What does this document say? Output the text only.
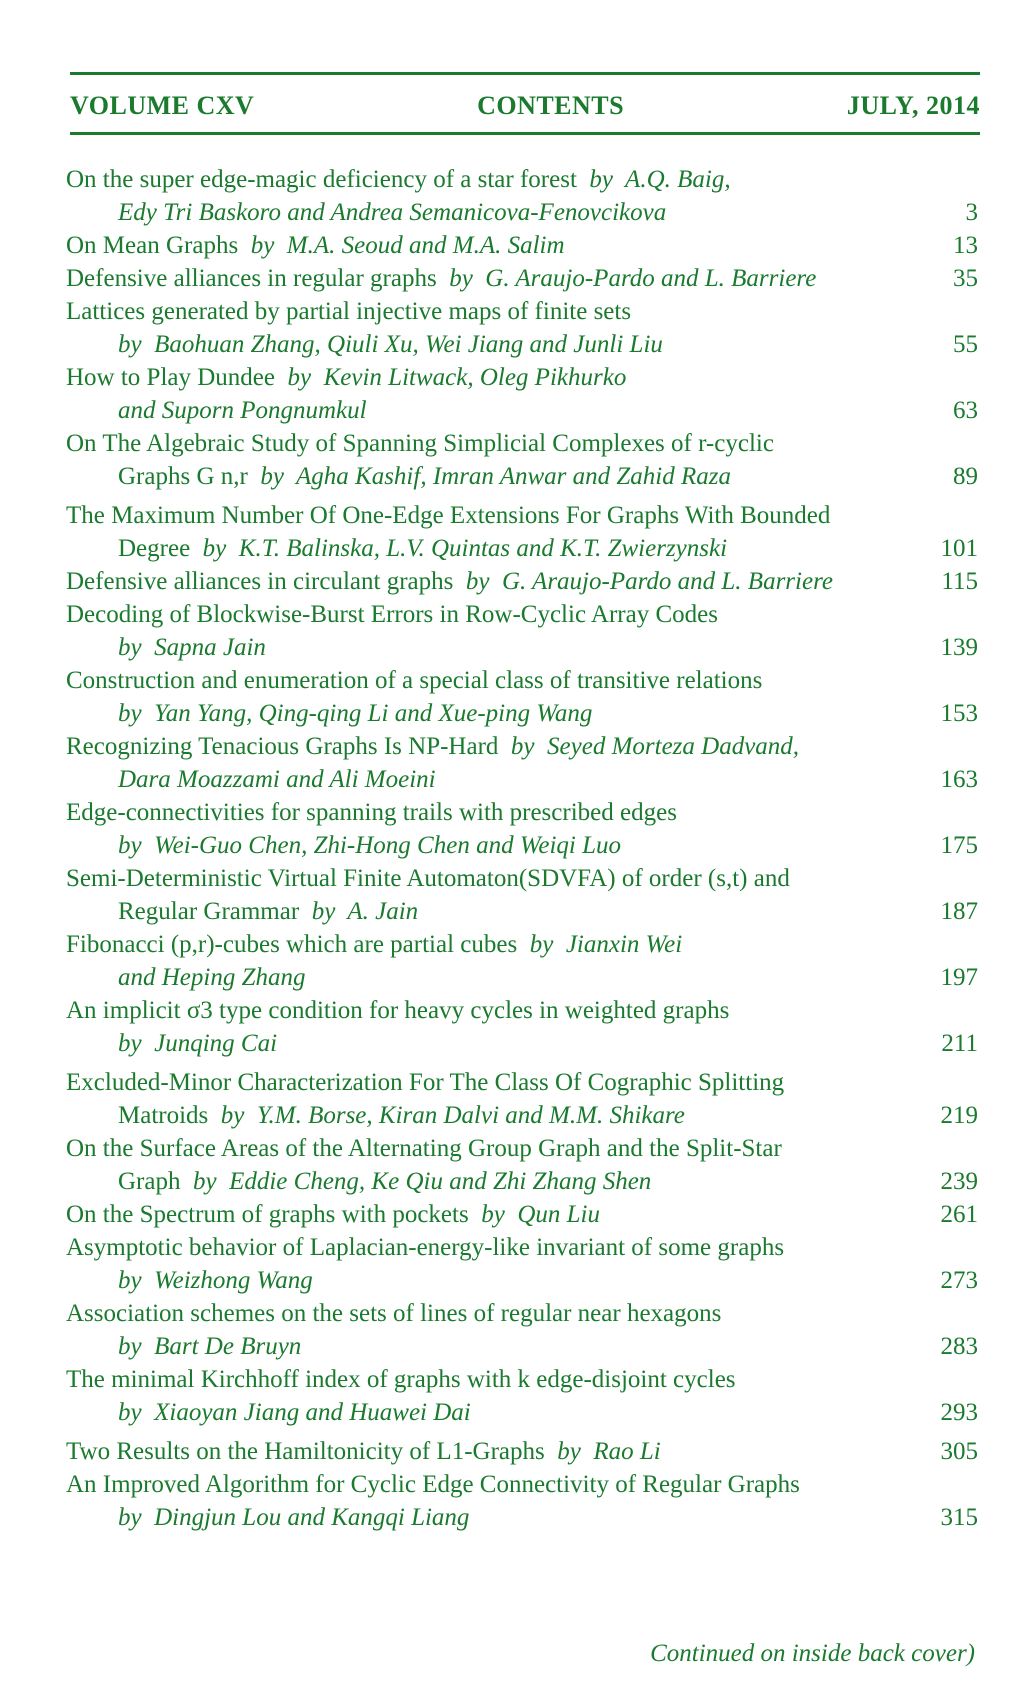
VOLUME CXV	CONTENTS	JULY, 2014
On the super edge-magic deficiency of a star forest  by  A.Q. Baig,
Edy Tri Baskoro and Andrea Semanicova-Fenovcikova	3
On Mean Graphs  by  M.A. Seoud and M.A. Salim	13
Defensive alliances in regular graphs  by  G. Araujo-Pardo and L. Barriere	35
Lattices generated by partial injective maps of finite sets
by  Baohuan Zhang, Qiuli Xu, Wei Jiang and Junli Liu	55
How to Play Dundee  by  Kevin Litwack, Oleg Pikhurko
and Suporn Pongnumkul	63
On The Algebraic Study of Spanning Simplicial Complexes of r-cyclic
Graphs G n,r  by  Agha Kashif, Imran Anwar and Zahid Raza	89
The Maximum Number Of One-Edge Extensions For Graphs With Bounded
Degree  by  K.T. Balinska, L.V. Quintas and K.T. Zwierzynski	101
Defensive alliances in circulant graphs  by  G. Araujo-Pardo and L. Barriere	115
Decoding of Blockwise-Burst Errors in Row-Cyclic Array Codes
by  Sapna Jain	139
Construction and enumeration of a special class of transitive relations
by  Yan Yang, Qing-qing Li and Xue-ping Wang	153
Recognizing Tenacious Graphs Is NP-Hard  by  Seyed Morteza Dadvand,
Dara Moazzami and Ali Moeini	163
Edge-connectivities for spanning trails with prescribed edges
by  Wei-Guo Chen, Zhi-Hong Chen and Weiqi Luo	175
Semi-Deterministic Virtual Finite Automaton(SDVFA) of order (s,t) and
Regular Grammar  by  A. Jain	187
Fibonacci (p,r)-cubes which are partial cubes  by  Jianxin Wei
and Heping Zhang	197
An implicit σ3 type condition for heavy cycles in weighted graphs
by  Junqing Cai	211
Excluded-Minor Characterization For The Class Of Cographic Splitting
Matroids  by  Y.M. Borse, Kiran Dalvi and M.M. Shikare	219
On the Surface Areas of the Alternating Group Graph and the Split-Star
Graph  by  Eddie Cheng, Ke Qiu and Zhi Zhang Shen	239
On the Spectrum of graphs with pockets  by  Qun Liu	261
Asymptotic behavior of Laplacian-energy-like invariant of some graphs
by  Weizhong Wang	273
Association schemes on the sets of lines of regular near hexagons
by  Bart De Bruyn	283
The minimal Kirchhoff index of graphs with k edge-disjoint cycles
by  Xiaoyan Jiang and Huawei Dai	293
Two Results on the Hamiltonicity of L1-Graphs  by  Rao Li	305
An Improved Algorithm for Cyclic Edge Connectivity of Regular Graphs
by  Dingjun Lou and Kangqi Liang	315
Continued on inside back cover)
